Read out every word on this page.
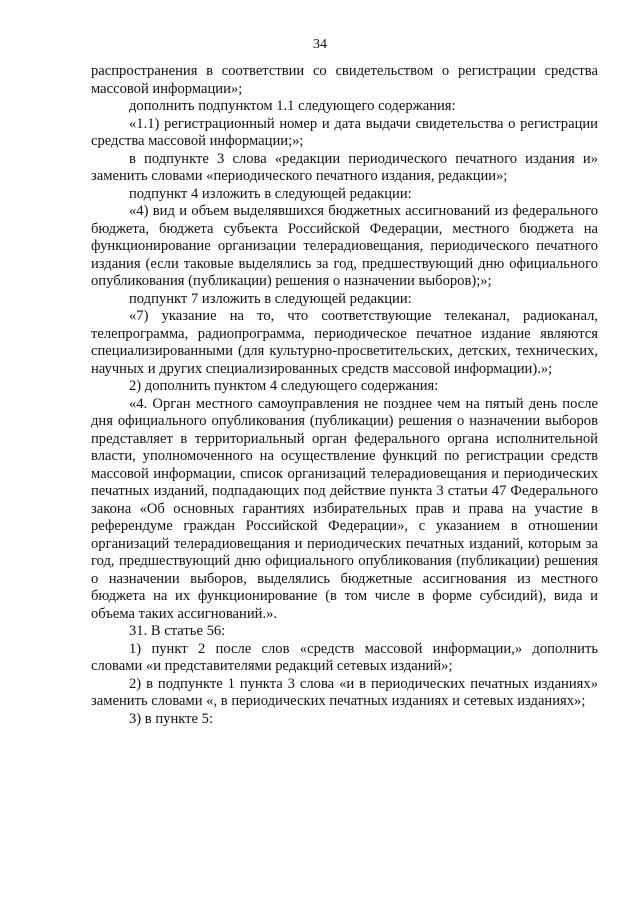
34

распространения в соответствии со свидетельством о регистрации средства массовой информации»;

дополнить подпунктом 1.1 следующего содержания:

«1.1) регистрационный номер и дата выдачи свидетельства о регистрации средства массовой информации;»;

в подпункте 3 слова «редакции периодического печатного издания и» заменить словами «периодического печатного издания, редакции»;

подпункт 4 изложить в следующей редакции:

«4) вид и объем выделявшихся бюджетных ассигнований из федерального бюджета, бюджета субъекта Российской Федерации, местного бюджета на функционирование организации телерадиовещания, периодического печатного издания (если таковые выделялись за год, предшествующий дню официального опубликования (публикации) решения о назначении выборов);»;

подпункт 7 изложить в следующей редакции:

«7) указание на то, что соответствующие телеканал, радиоканал, телепрограмма, радиопрограмма, периодическое печатное издание являются специализированными (для культурно-просветительских, детских, технических, научных и других специализированных средств массовой информации).»;

2) дополнить пунктом 4 следующего содержания:

«4. Орган местного самоуправления не позднее чем на пятый день после дня официального опубликования (публикации) решения о назначении выборов представляет в территориальный орган федерального органа исполнительной власти, уполномоченного на осуществление функций по регистрации средств массовой информации, список организаций телерадиовещания и периодических печатных изданий, подпадающих под действие пункта 3 статьи 47 Федерального закона «Об основных гарантиях избирательных прав и права на участие в референдуме граждан Российской Федерации», с указанием в отношении организаций телерадиовещания и периодических печатных изданий, которым за год, предшествующий дню официального опубликования (публикации) решения о назначении выборов, выделялись бюджетные ассигнования из местного бюджета на их функционирование (в том числе в форме субсидий), вида и объема таких ассигнований.».

31. В статье 56:

1) пункт 2 после слов «средств массовой информации,» дополнить словами «и представителями редакций сетевых изданий»;

2) в подпункте 1 пункта 3 слова «и в периодических печатных изданиях» заменить словами «, в периодических печатных изданиях и сетевых изданиях»;

3) в пункте 5:
